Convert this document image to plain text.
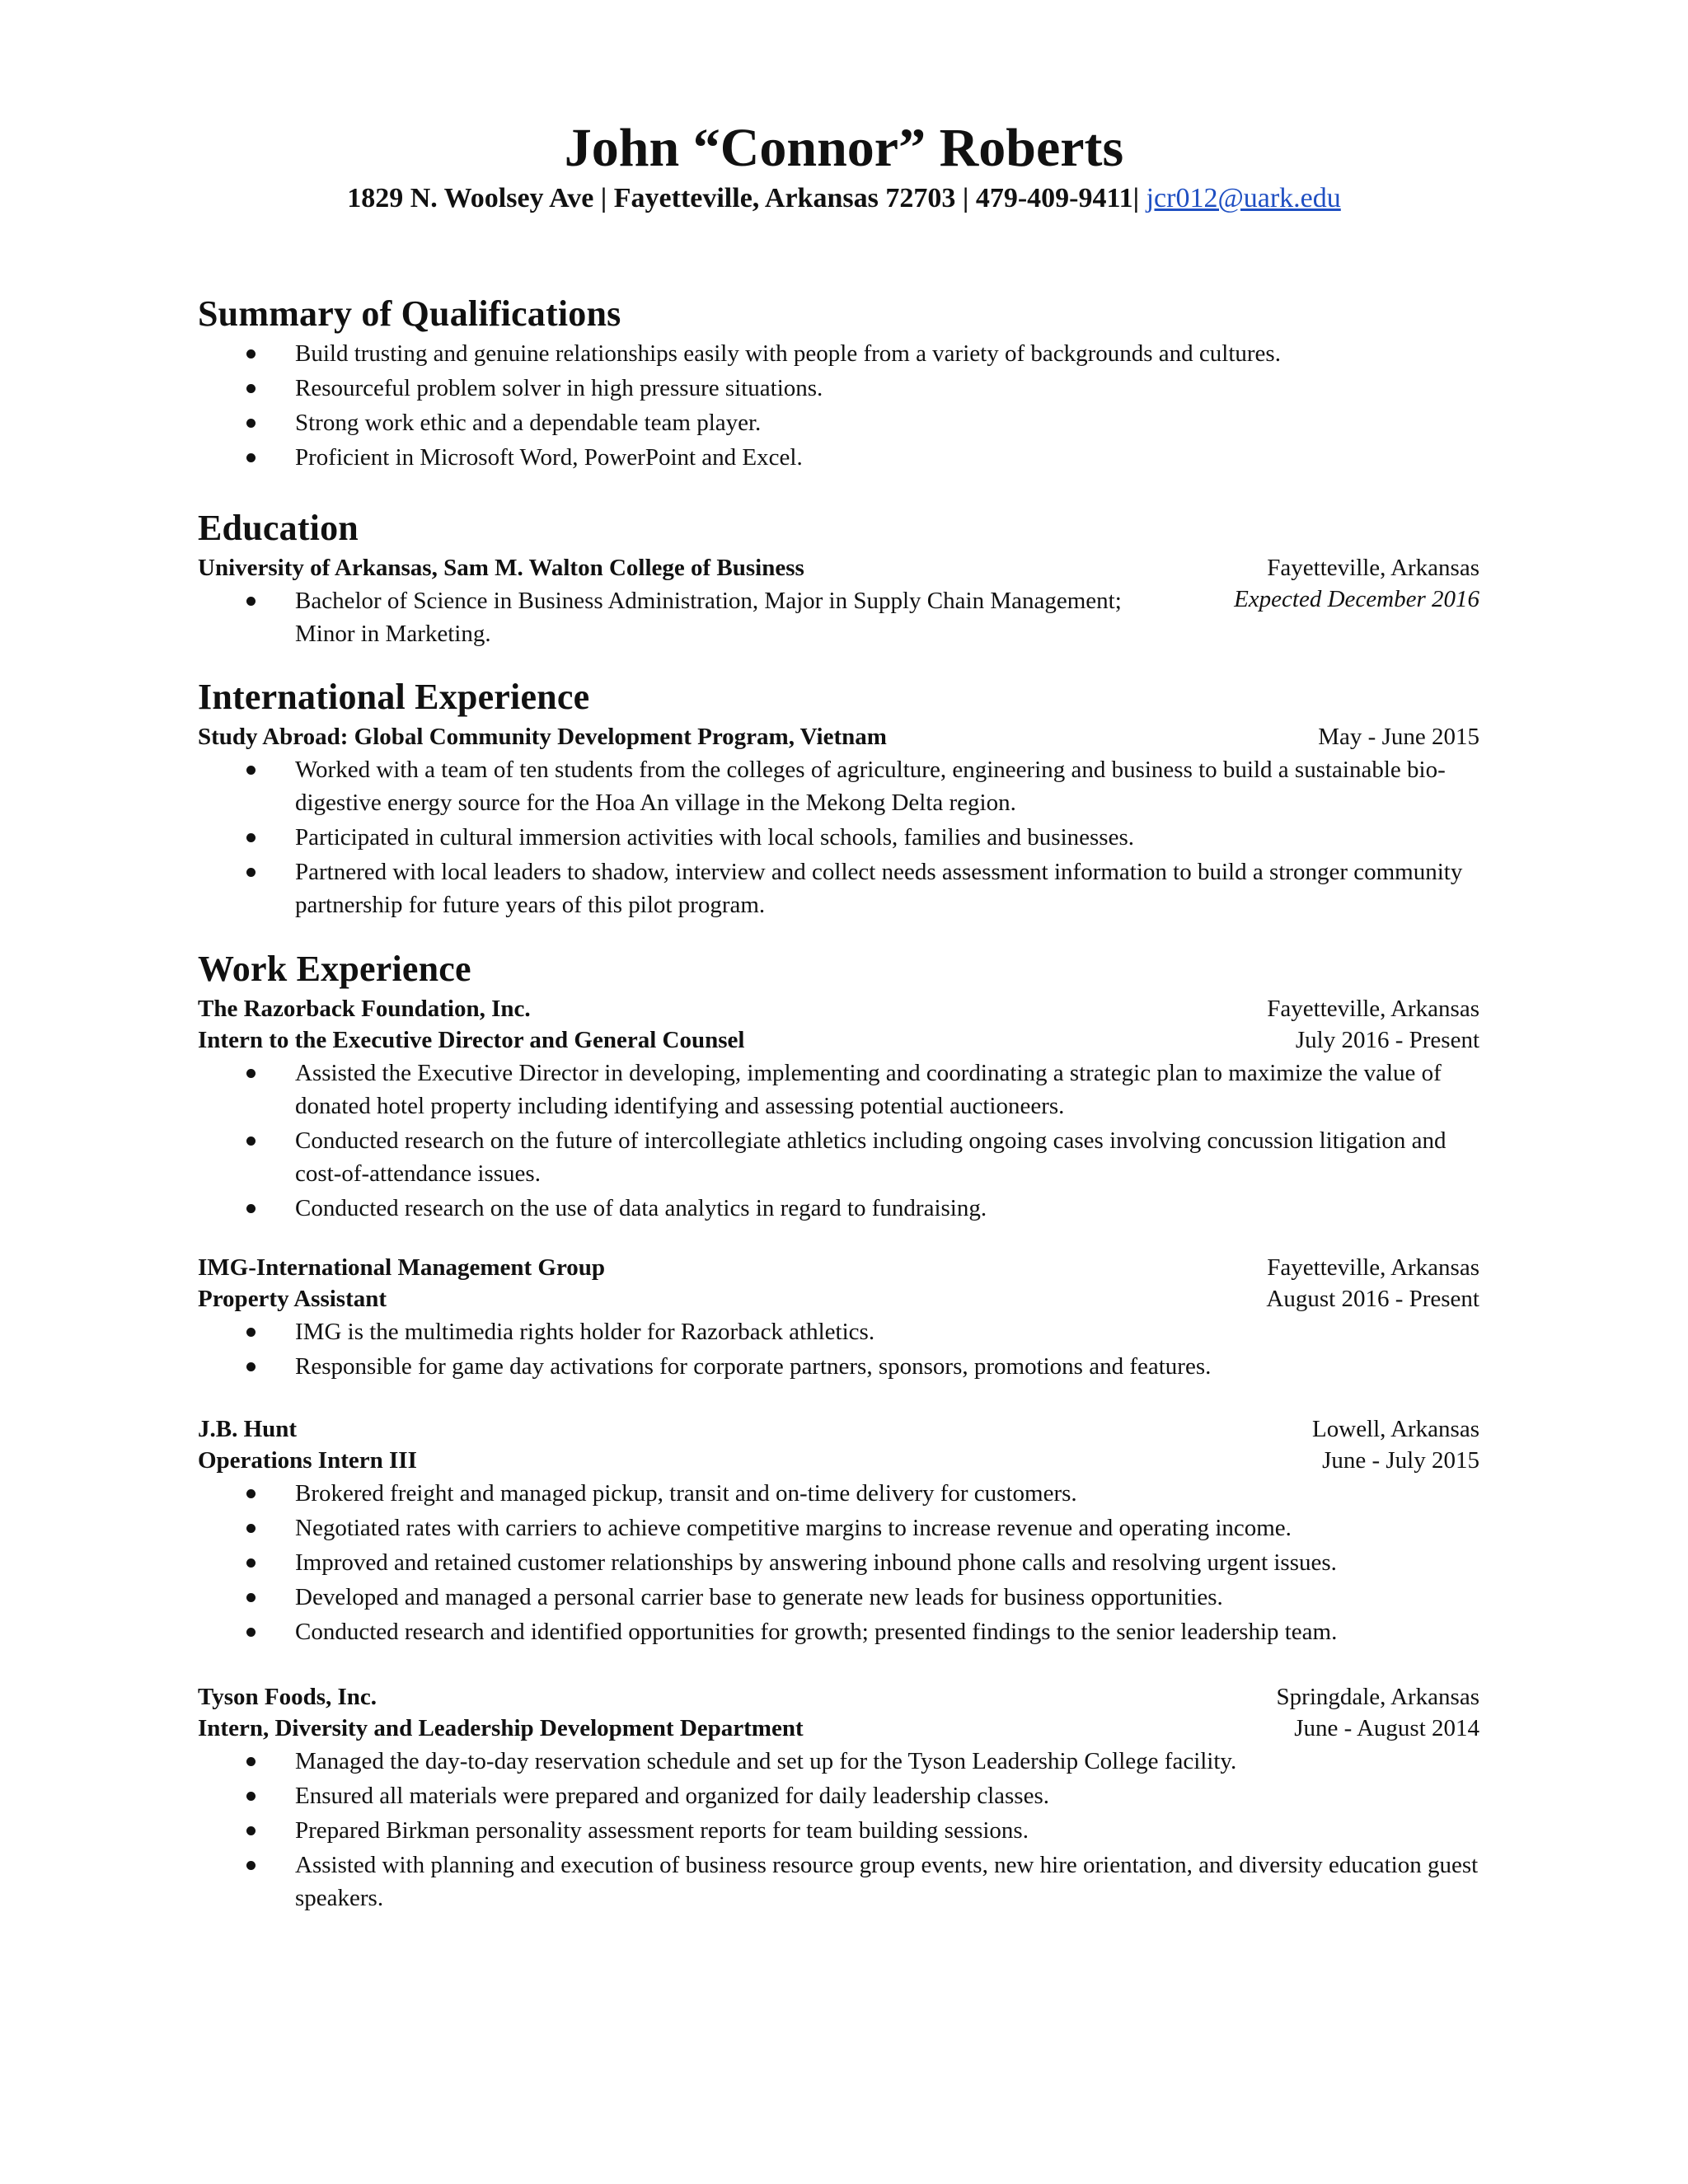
John “Connor” Roberts
1829 N. Woolsey Ave | Fayetteville, Arkansas 72703 | 479-409-9411| jcr012@uark.edu
Summary of Qualifications
Build trusting and genuine relationships easily with people from a variety of backgrounds and cultures.
Resourceful problem solver in high pressure situations.
Strong work ethic and a dependable team player.
Proficient in Microsoft Word, PowerPoint and Excel.
Education
University of Arkansas, Sam M. Walton College of Business	Fayetteville, Arkansas
Expected December 2016
Bachelor of Science in Business Administration, Major in Supply Chain Management; Minor in Marketing.
International Experience
Study Abroad: Global Community Development Program, Vietnam	May - June 2015
Worked with a team of ten students from the colleges of agriculture, engineering and business to build a sustainable bio-digestive energy source for the Hoa An village in the Mekong Delta region.
Participated in cultural immersion activities with local schools, families and businesses.
Partnered with local leaders to shadow, interview and collect needs assessment information to build a stronger community partnership for future years of this pilot program.
Work Experience
The Razorback Foundation, Inc.	Fayetteville, Arkansas
Intern to the Executive Director and General Counsel	July 2016 - Present
Assisted the Executive Director in developing, implementing and coordinating a strategic plan to maximize the value of donated hotel property including identifying and assessing potential auctioneers.
Conducted research on the future of intercollegiate athletics including ongoing cases involving concussion litigation and cost-of-attendance issues.
Conducted research on the use of data analytics in regard to fundraising.
IMG-International Management Group	Fayetteville, Arkansas
Property Assistant	August 2016 - Present
IMG is the multimedia rights holder for Razorback athletics.
Responsible for game day activations for corporate partners, sponsors, promotions and features.
J.B. Hunt	Lowell, Arkansas
Operations Intern III	June - July 2015
Brokered freight and managed pickup, transit and on-time delivery for customers.
Negotiated rates with carriers to achieve competitive margins to increase revenue and operating income.
Improved and retained customer relationships by answering inbound phone calls and resolving urgent issues.
Developed and managed a personal carrier base to generate new leads for business opportunities.
Conducted research and identified opportunities for growth; presented findings to the senior leadership team.
Tyson Foods, Inc.	Springdale, Arkansas
Intern, Diversity and Leadership Development Department	June - August 2014
Managed the day-to-day reservation schedule and set up for the Tyson Leadership College facility.
Ensured all materials were prepared and organized for daily leadership classes.
Prepared Birkman personality assessment reports for team building sessions.
Assisted with planning and execution of business resource group events, new hire orientation, and diversity education guest speakers.
